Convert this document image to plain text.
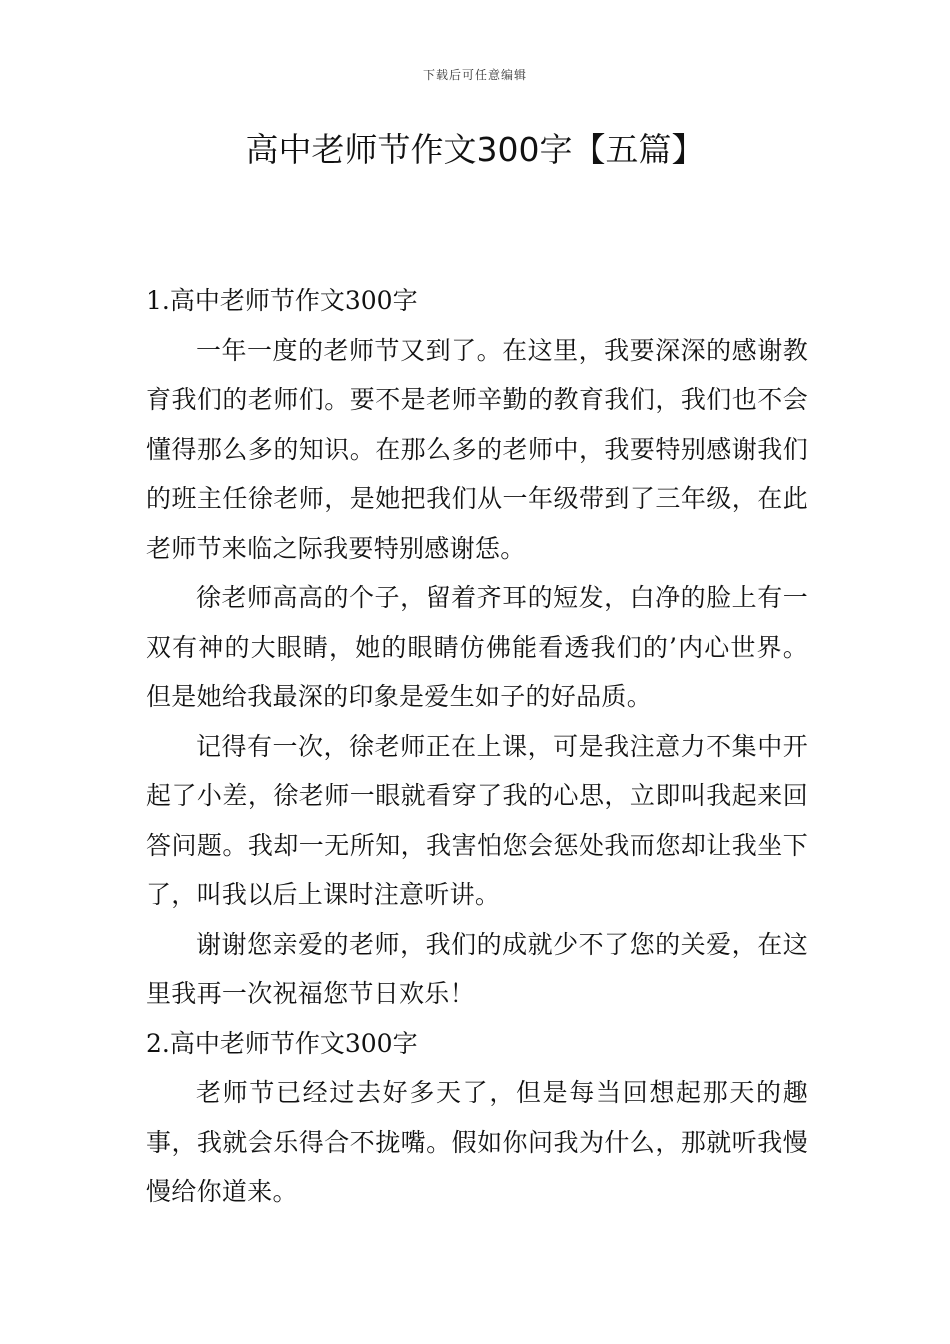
下载后可任意编辑
高中老师节作文300字【五篇】
1.高中老师节作文300字

一年一度的老师节又到了。在这里，我要深深的感谢教育我们的老师们。要不是老师辛勤的教育我们，我们也不会懂得那么多的知识。在那么多的老师中，我要特别感谢我们的班主任徐老师，是她把我们从一年级带到了三年级，在此老师节来临之际我要特别感谢恁。

徐老师高高的个子，留着齐耳的短发，白净的脸上有一双有神的大眼睛，她的眼睛仿佛能看透我们的’内心世界。但是她给我最深的印象是爱生如子的好品质。

记得有一次，徐老师正在上课，可是我注意力不集中开起了小差，徐老师一眼就看穿了我的心思，立即叫我起来回答问题。我却一无所知，我害怕您会惩处我而您却让我坐下了，叫我以后上课时注意听讲。

谢谢您亲爱的老师，我们的成就少不了您的关爱，在这里我再一次祝福您节日欢乐！

2.高中老师节作文300字

老师节已经过去好多天了，但是每当回想起那天的趣事，我就会乐得合不拢嘴。假如你问我为什么，那就听我慢慢给你道来。
